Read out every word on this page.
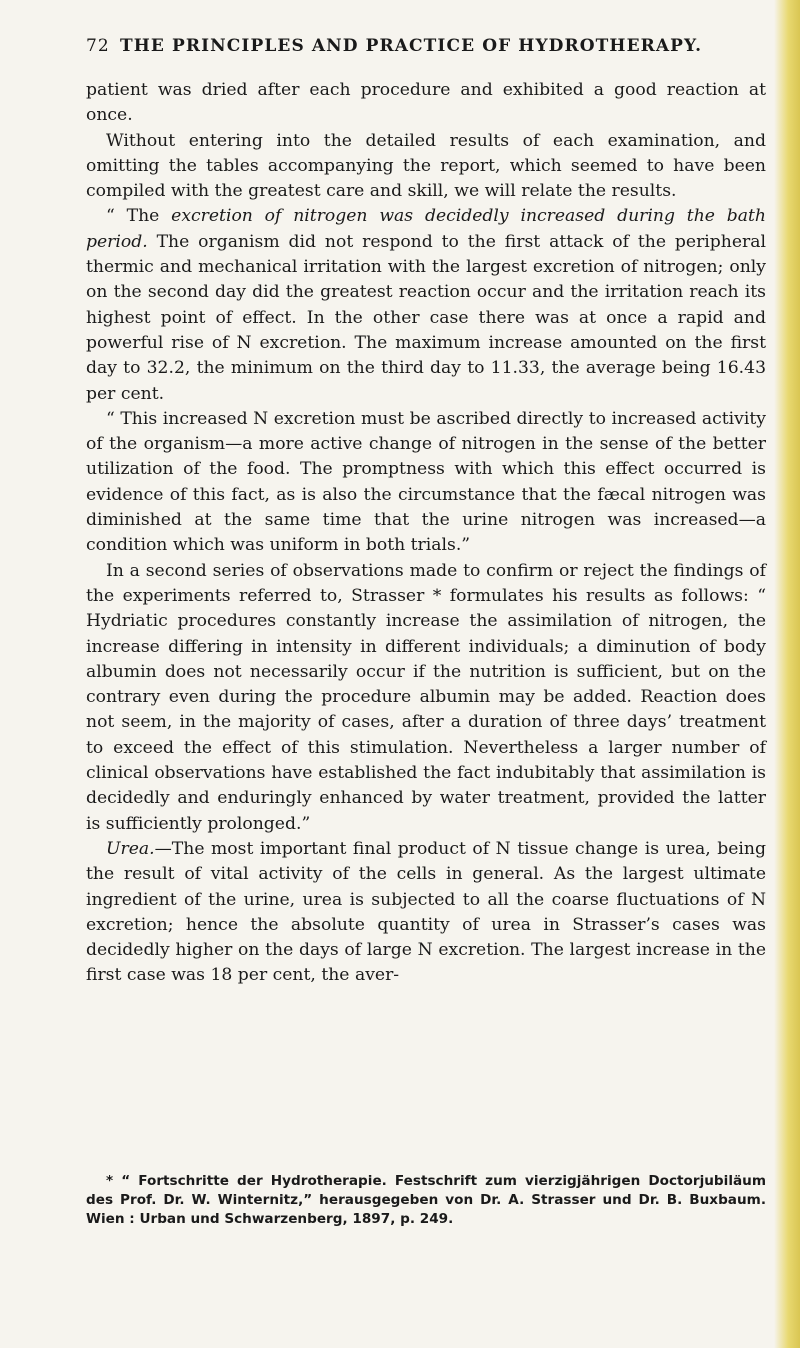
72 THE PRINCIPLES AND PRACTICE OF HYDROTHERAPY.

patient was dried after each procedure and exhibited a good reaction at once.

Without entering into the detailed results of each examination, and omitting the tables accompanying the report, which seemed to have been compiled with the greatest care and skill, we will relate the results.

“ The excretion of nitrogen was decidedly increased during the bath period. The organism did not respond to the first attack of the peripheral thermic and mechanical irritation with the largest excretion of nitrogen; only on the second day did the greatest reaction occur and the irritation reach its highest point of effect. In the other case there was at once a rapid and powerful rise of N excretion. The maximum increase amounted on the first day to 32.2, the minimum on the third day to 11.33, the average being 16.43 per cent.

“ This increased N excretion must be ascribed directly to increased activity of the organism—a more active change of nitrogen in the sense of the better utilization of the food. The promptness with which this effect occurred is evidence of this fact, as is also the circumstance that the fæcal nitrogen was diminished at the same time that the urine nitrogen was increased—a condition which was uniform in both trials.”

In a second series of observations made to confirm or reject the findings of the experiments referred to, Strasser * formulates his results as follows: “ Hydriatic procedures constantly increase the assimilation of nitrogen, the increase differing in intensity in different individuals; a diminution of body albumin does not necessarily occur if the nutrition is sufficient, but on the contrary even during the procedure albumin may be added. Reaction does not seem, in the majority of cases, after a duration of three days’ treatment to exceed the effect of this stimulation. Nevertheless a larger number of clinical observations have established the fact indubitably that assimilation is decidedly and enduringly enhanced by water treatment, provided the latter is sufficiently prolonged.”

Urea.—The most important final product of N tissue change is urea, being the result of vital activity of the cells in general. As the largest ultimate ingredient of the urine, urea is subjected to all the coarse fluctuations of N excretion; hence the absolute quantity of urea in Strasser’s cases was decidedly higher on the days of large N excretion. The largest increase in the first case was 18 per cent, the aver-

* “ Fortschritte der Hydrotherapie. Festschrift zum vierzigjährigen Doctorjubiläum des Prof. Dr. W. Winternitz,” herausgegeben von Dr. A. Strasser und Dr. B. Buxbaum. Wien : Urban und Schwarzenberg, 1897, p. 249.
